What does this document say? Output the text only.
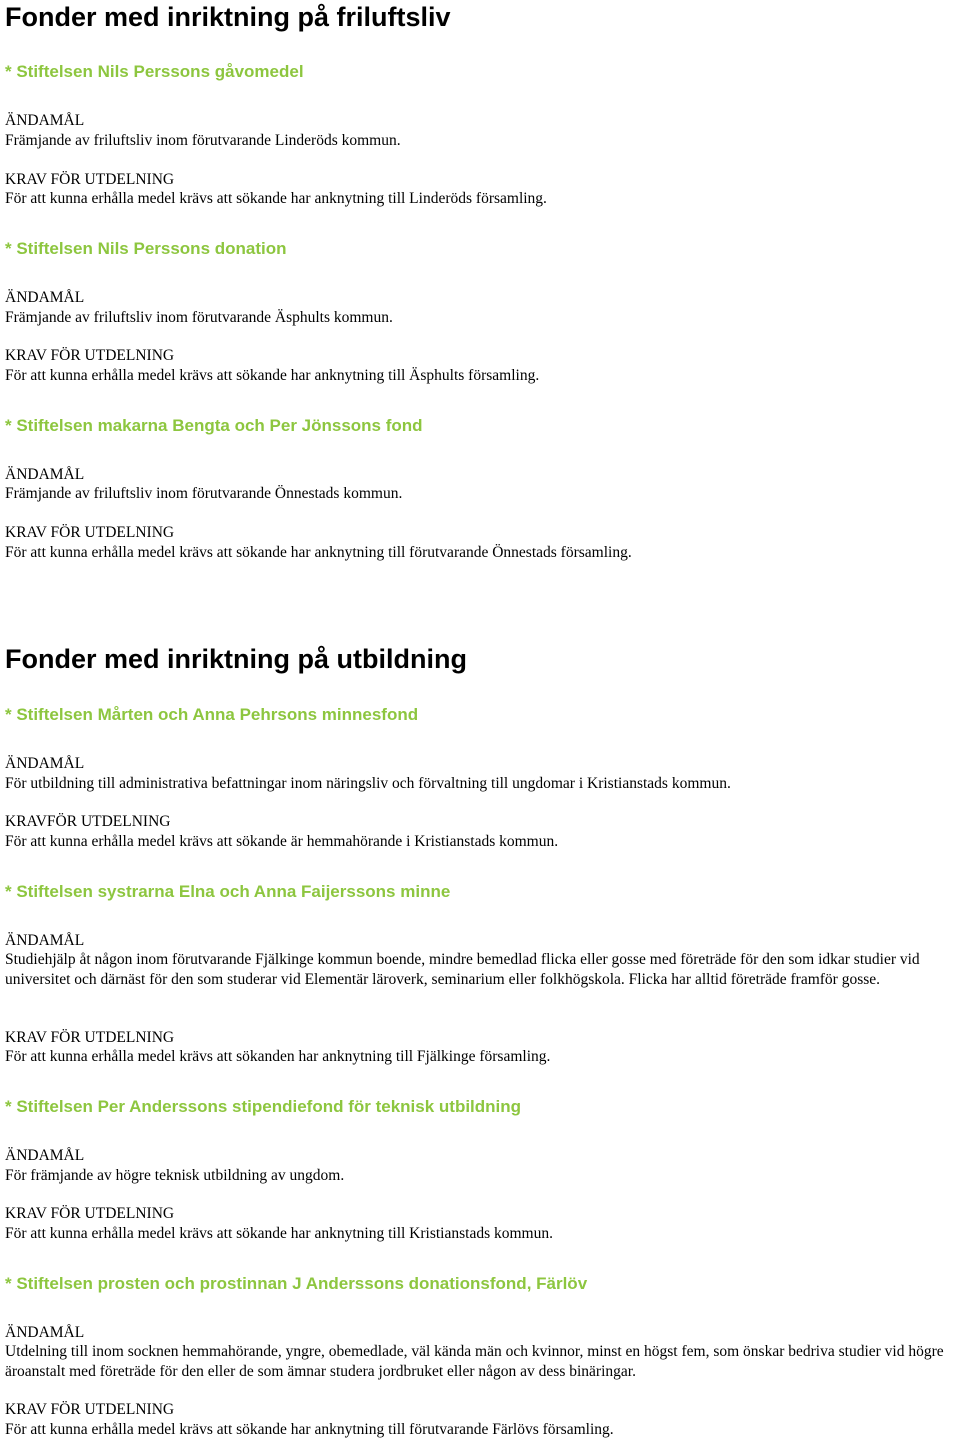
Fonder med inriktning på friluftsliv

* Stiftelsen Nils Perssons gåvomedel

ÄNDAMÅL

Främjande av friluftsliv inom förutvarande Linderöds kommun.

KRAV FÖR UTDELNING

För att kunna erhålla medel krävs att sökande har anknytning till Linderöds församling.

* Stiftelsen Nils Perssons donation

ÄNDAMÅL

Främjande av friluftsliv inom förutvarande Äsphults kommun.

KRAV FÖR UTDELNING

För att kunna erhålla medel krävs att sökande har anknytning till Äsphults församling.

* Stiftelsen makarna Bengta och Per Jönssons fond

ÄNDAMÅL

Främjande av friluftsliv inom förutvarande Önnestads kommun.

KRAV FÖR UTDELNING

För att kunna erhålla medel krävs att sökande har anknytning till förutvarande Önnestads församling.

Fonder med inriktning på utbildning

* Stiftelsen Mårten och Anna Pehrsons minnesfond

ÄNDAMÅL

För utbildning till administrativa befattningar inom näringsliv och förvaltning till ungdomar i Kristianstads kommun.

KRAVFÖR UTDELNING

För att kunna erhålla medel krävs att sökande är hemmahörande i Kristianstads kommun.

* Stiftelsen systrarna Elna och Anna Faijerssons minne

ÄNDAMÅL

Studiehjälp åt någon inom förutvarande Fjälkinge kommun boende, mindre bemedlad flicka eller gosse med företräde för den som idkar studier vid universitet och därnäst för den som studerar vid Elementär läroverk, seminarium eller folkhögskola. Flicka har alltid företräde framför gosse.

KRAV FÖR UTDELNING

För att kunna erhålla medel krävs att sökanden har anknytning till Fjälkinge församling.

* Stiftelsen Per Anderssons stipendiefond för teknisk utbildning

ÄNDAMÅL

För främjande av högre teknisk utbildning av ungdom.

KRAV FÖR UTDELNING

För att kunna erhålla medel krävs att sökande har anknytning till Kristianstads kommun.

* Stiftelsen prosten och prostinnan J Anderssons donationsfond, Färlöv

ÄNDAMÅL

Utdelning till inom socknen hemmahörande, yngre, obemedlade, väl kända män och kvinnor, minst en högst fem, som önskar bedriva studier vid högre äroanstalt med företräde för den eller de som ämnar studera jordbruket eller någon av dess binäringar.

KRAV FÖR UTDELNING

För att kunna erhålla medel krävs att sökande har anknytning till förutvarande Färlövs församling.
